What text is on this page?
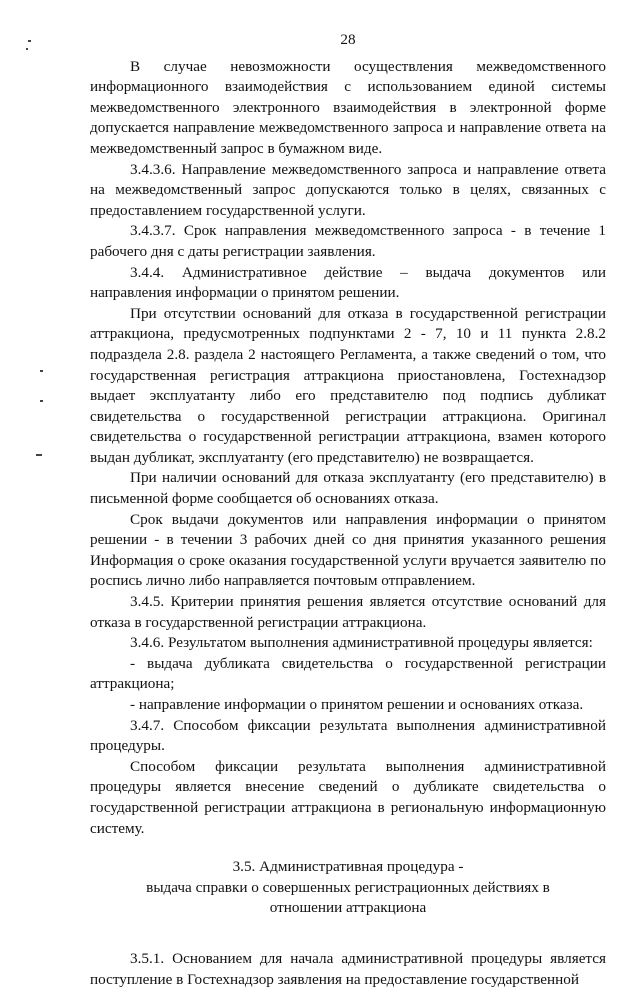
28

В случае невозможности осуществления межведомственного информационного взаимодействия с использованием единой системы межведомственного электронного взаимодействия в электронной форме допускается направление межведомственного запроса и направление ответа на межведомственный запрос в бумажном виде.

3.4.3.6. Направление межведомственного запроса и направление ответа на межведомственный запрос допускаются только в целях, связанных с предоставлением государственной услуги.

3.4.3.7. Срок направления межведомственного запроса - в течение 1 рабочего дня с даты регистрации заявления.

3.4.4. Административное действие – выдача документов или направления информации о принятом решении.

При отсутствии оснований для отказа в государственной регистрации аттракциона, предусмотренных подпунктами 2 - 7, 10 и 11 пункта 2.8.2 подраздела 2.8. раздела 2 настоящего Регламента, а также сведений о том, что государственная регистрация аттракциона приостановлена, Гостехнадзор выдает эксплуатанту либо его представителю под подпись дубликат свидетельства о государственной регистрации аттракциона. Оригинал свидетельства о государственной регистрации аттракциона, взамен которого выдан дубликат, эксплуатанту (его представителю) не возвращается.

При наличии оснований для отказа эксплуатанту (его представителю) в письменной форме сообщается об основаниях отказа.

Срок выдачи документов или направления информации о принятом решении - в течении 3 рабочих дней со дня принятия указанного решения Информация о сроке оказания государственной услуги вручается заявителю по роспись лично либо направляется почтовым отправлением.

3.4.5. Критерии принятия решения является отсутствие оснований для отказа в государственной регистрации аттракциона.

3.4.6. Результатом выполнения административной процедуры является:

- выдача дубликата свидетельства о государственной регистрации аттракциона;

- направление информации о принятом решении и основаниях отказа.

3.4.7. Способом фиксации результата выполнения административной процедуры.

Способом фиксации результата выполнения административной процедуры является внесение сведений о дубликате свидетельства о государственной регистрации аттракциона в региональную информационную систему.

3.5. Административная процедура -

выдача справки о совершенных регистрационных действиях в

отношении аттракциона

3.5.1. Основанием для начала административной процедуры является поступление в Гостехнадзор заявления на предоставление государственной
